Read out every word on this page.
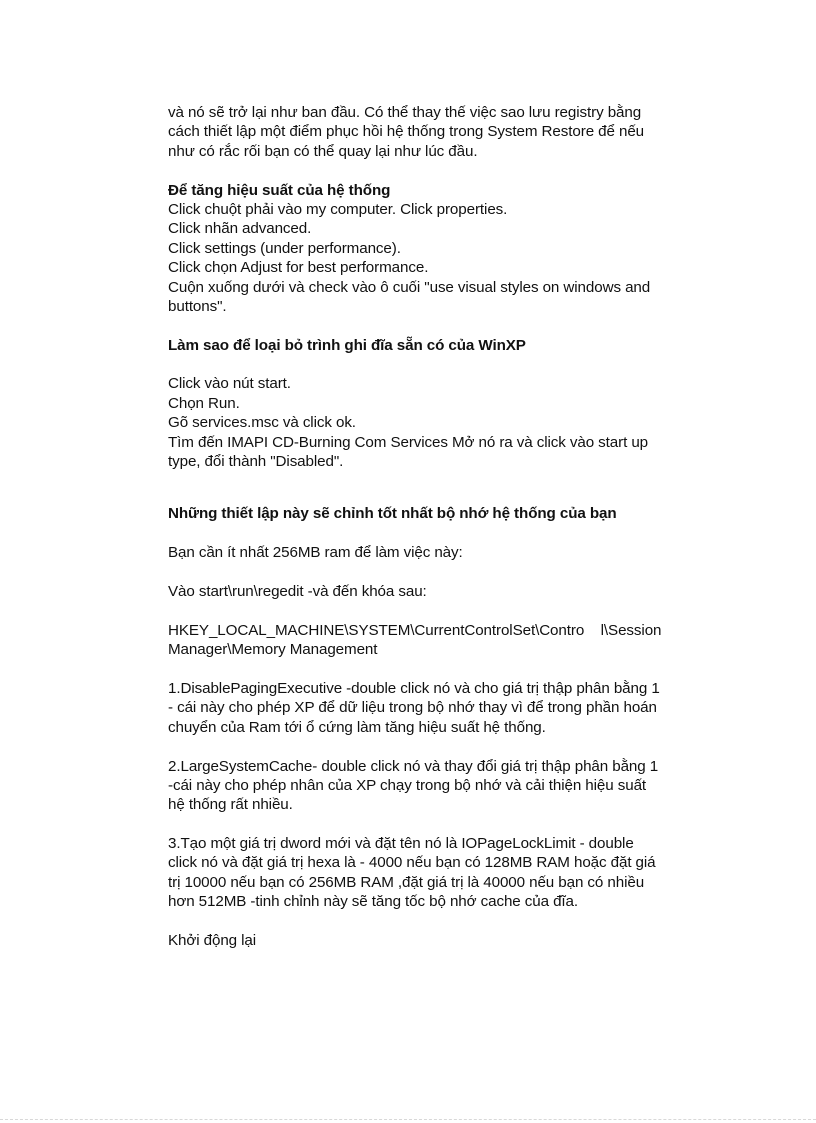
và nó sẽ trở lại như ban đầu. Có thể thay thế việc sao lưu registry bằng
cách thiết lập một điểm phục hồi hệ thống trong System Restore để nếu
như có rắc rối bạn có thể quay lại như lúc đầu.
Để tăng hiệu suất của hệ thống
Click chuột phải vào my computer. Click properties.
Click nhãn advanced.
Click settings (under performance).
Click chọn Adjust for best performance.
Cuộn xuống dưới và check vào ô cuối "use visual styles on windows and
buttons".
Làm sao để loại bỏ trình ghi đĩa sẵn có của WinXP
Click vào nút start.
Chọn Run.
Gõ services.msc và click ok.
Tìm đến IMAPI CD-Burning Com Services Mở nó ra và click vào start up
type, đổi thành "Disabled".
Những thiết lập này sẽ chỉnh tốt nhất bộ nhớ hệ thống của bạn
Bạn cần ít nhất 256MB ram để làm việc này:
Vào start\run\regedit -và đến khóa sau:
HKEY_LOCAL_MACHINE\SYSTEM\CurrentControlSet\Contro    l\Session
Manager\Memory Management
1.DisablePagingExecutive -double click nó và cho giá trị thập phân bằng 1
- cái này cho phép XP để dữ liệu trong bộ nhớ thay vì để trong phần hoán
chuyển của Ram tới ổ cứng làm tăng hiệu suất hệ thống.
2.LargeSystemCache- double click nó và thay đổi giá trị thập phân bằng 1
-cái này cho phép nhân của XP chạy trong bộ nhớ và cải thiện hiệu suất
hệ thống rất nhiều.
3.Tạo một giá trị dword mới và đặt tên nó là IOPageLockLimit - double
click nó và đặt giá trị hexa là - 4000 nếu bạn có 128MB RAM hoặc đặt giá
trị 10000 nếu bạn có 256MB RAM ,đặt giá trị là 40000 nếu bạn có nhiều
hơn 512MB -tinh chỉnh này sẽ tăng tốc bộ nhớ cache của đĩa.
Khởi động lại
